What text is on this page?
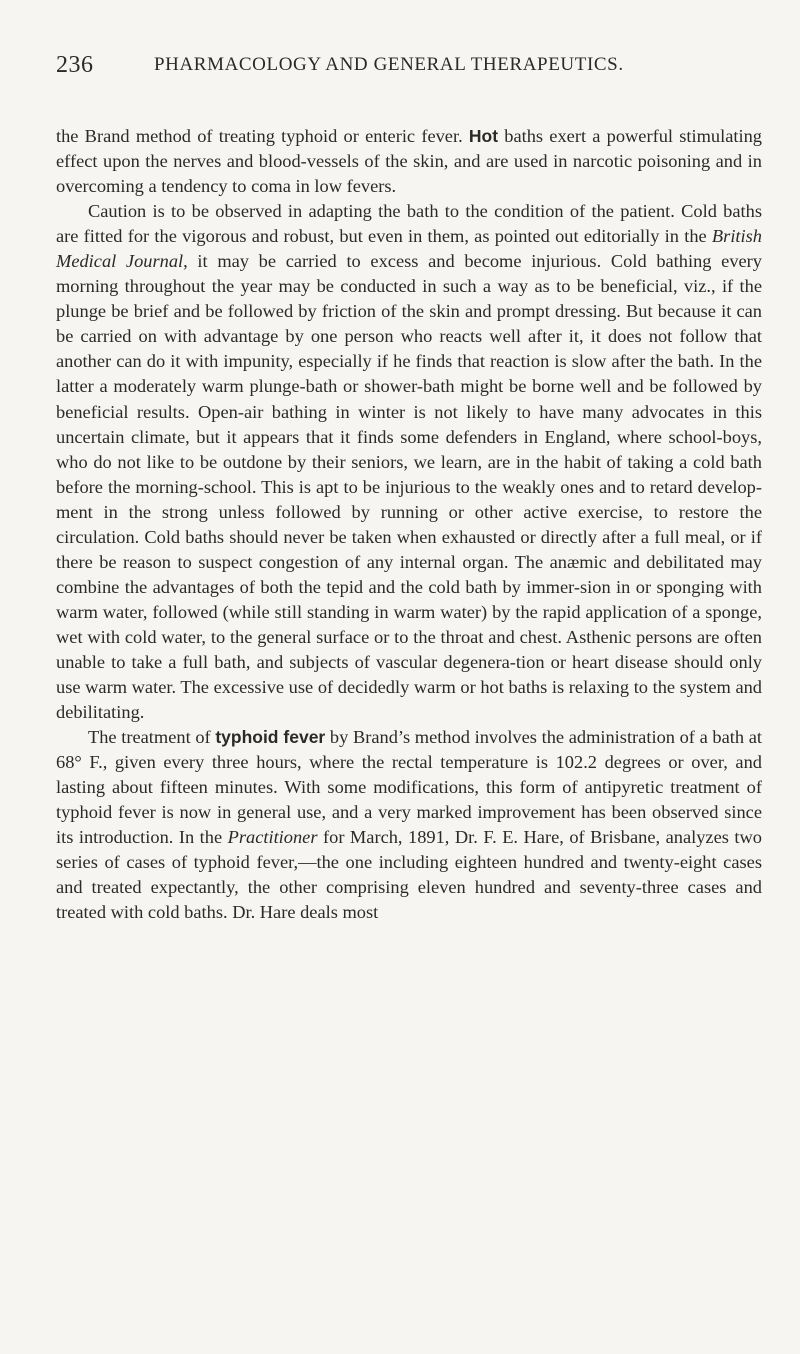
236	PHARMACOLOGY AND GENERAL THERAPEUTICS.

the Brand method of treating typhoid or enteric fever. Hot baths exert a powerful stimulating effect upon the nerves and blood-vessels of the skin, and are used in narcotic poisoning and in overcoming a tendency to coma in low fevers.

Caution is to be observed in adapting the bath to the condition of the patient. Cold baths are fitted for the vigorous and robust, but even in them, as pointed out editorially in the British Medical Journal, it may be carried to excess and become injurious. Cold bathing every morning throughout the year may be conducted in such a way as to be beneficial, viz., if the plunge be brief and be followed by friction of the skin and prompt dressing. But because it can be carried on with advantage by one person who reacts well after it, it does not follow that another can do it with impunity, especially if he finds that reaction is slow after the bath. In the latter a moderately warm plunge-bath or shower-bath might be borne well and be followed by beneficial results. Open-air bathing in winter is not likely to have many advocates in this uncertain climate, but it appears that it finds some defenders in England, where school-boys, who do not like to be outdone by their seniors, we learn, are in the habit of taking a cold bath before the morning-school. This is apt to be injurious to the weakly ones and to retard develop-ment in the strong unless followed by running or other active exercise, to restore the circulation. Cold baths should never be taken when exhausted or directly after a full meal, or if there be reason to suspect congestion of any internal organ. The anæmic and debilitated may combine the advantages of both the tepid and the cold bath by immer-sion in or sponging with warm water, followed (while still standing in warm water) by the rapid application of a sponge, wet with cold water, to the general surface or to the throat and chest. Asthenic persons are often unable to take a full bath, and subjects of vascular degenera-tion or heart disease should only use warm water. The excessive use of decidedly warm or hot baths is relaxing to the system and debilitating.

The treatment of typhoid fever by Brand’s method involves the administration of a bath at 68° F., given every three hours, where the rectal temperature is 102.2 degrees or over, and lasting about fifteen minutes. With some modifications, this form of antipyretic treatment of typhoid fever is now in general use, and a very marked improvement has been observed since its introduction. In the Practitioner for March, 1891, Dr. F. E. Hare, of Brisbane, analyzes two series of cases of typhoid fever,—the one including eighteen hundred and twenty-eight cases and treated expectantly, the other comprising eleven hundred and seventy-three cases and treated with cold baths. Dr. Hare deals most
